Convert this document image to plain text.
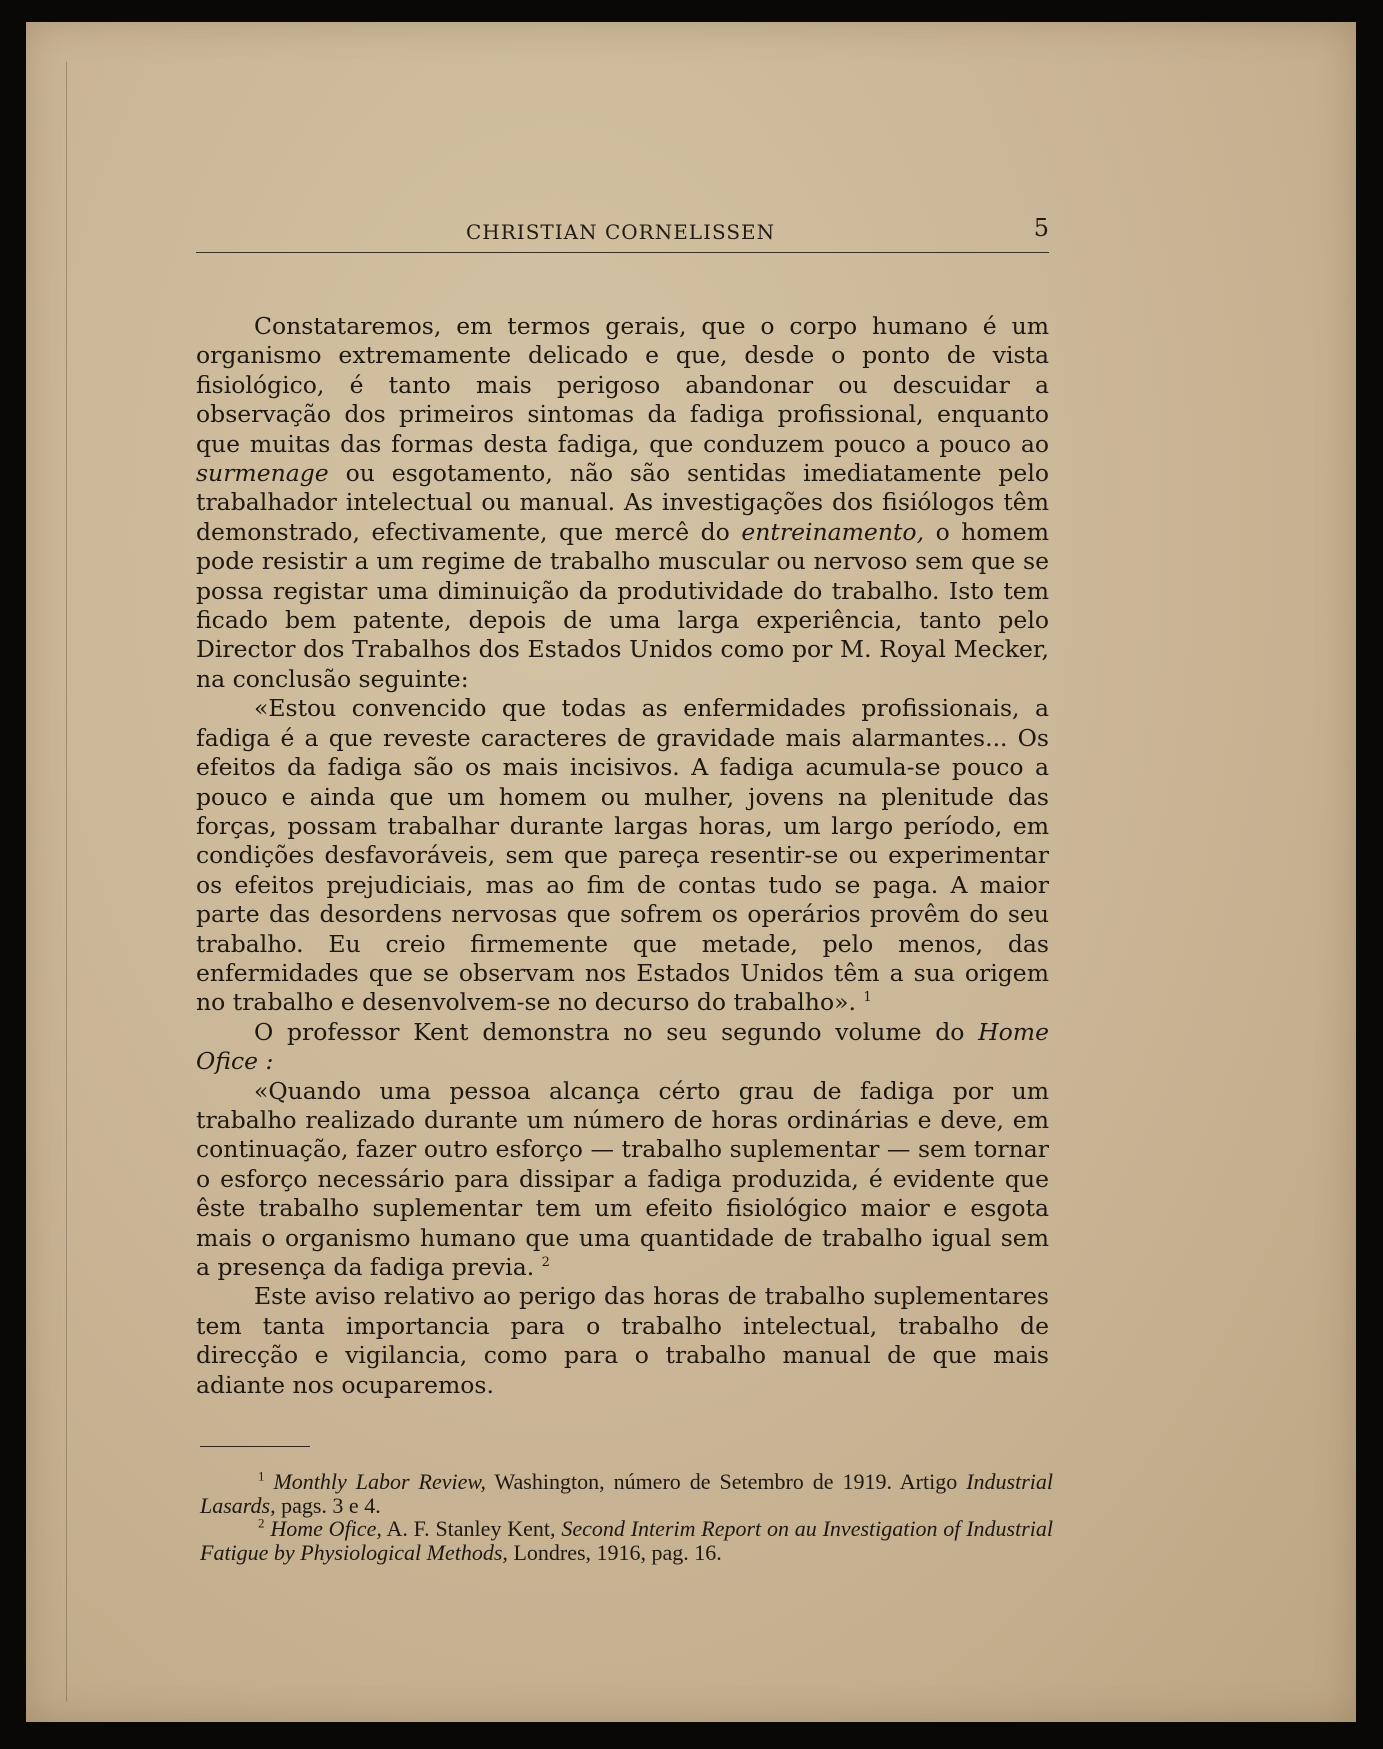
CHRISTIAN CORNELISSEN	5

Constataremos, em termos gerais, que o corpo humano é um organismo extremamente delicado e que, desde o ponto de vista fisiológico, é tanto mais perigoso abandonar ou descuidar a observação dos primeiros sintomas da fadiga profissional, enquanto que muitas das formas desta fadiga, que conduzem pouco a pouco ao surmenage ou esgotamento, não são sentidas imediatamente pelo trabalhador intelectual ou manual. As investigações dos fisiólogos têm demonstrado, efectivamente, que mercê do entreinamento, o homem pode resistir a um regime de trabalho muscular ou nervoso sem que se possa registar uma diminuição da produtividade do trabalho. Isto tem ficado bem patente, depois de uma larga experiência, tanto pelo Director dos Trabalhos dos Estados Unidos como por M. Royal Mecker, na conclusão seguinte:

«Estou convencido que todas as enfermidades profissionais, a fadiga é a que reveste caracteres de gravidade mais alarmantes... Os efeitos da fadiga são os mais incisivos. A fadiga acumula-se pouco a pouco e ainda que um homem ou mulher, jovens na plenitude das forças, possam trabalhar durante largas horas, um largo período, em condições desfavoráveis, sem que pareça resentir-se ou experimentar os efeitos prejudiciais, mas ao fim de contas tudo se paga. A maior parte das desordens nervosas que sofrem os operários provêm do seu trabalho. Eu creio firmemente que metade, pelo menos, das enfermidades que se observam nos Estados Unidos têm a sua origem no trabalho e desenvolvem-se no decurso do trabalho». $^1$

O professor Kent demonstra no seu segundo volume do Home Ofice :

«Quando uma pessoa alcança cérto grau de fadiga por um trabalho realizado durante um número de horas ordinárias e deve, em continuação, fazer outro esforço — trabalho suplementar — sem tornar o esforço necessário para dissipar a fadiga produzida, é evidente que êste trabalho suplementar tem um efeito fisiológico maior e esgota mais o organismo humano que uma quantidade de trabalho igual sem a presença da fadiga previa. $^2$

Este aviso relativo ao perigo das horas de trabalho suplementares tem tanta importancia para o trabalho intelectual, trabalho de direcção e vigilancia, como para o trabalho manual de que mais adiante nos ocuparemos.

$^1$ Monthly Labor Review, Washington, número de Setembro de 1919. Artigo Industrial Lasards, pags. 3 e 4.

$^2$ Home Ofice, A. F. Stanley Kent, Second Interim Report on au Investigation of Industrial Fatigue by Physiological Methods, Londres, 1916, pag. 16.
